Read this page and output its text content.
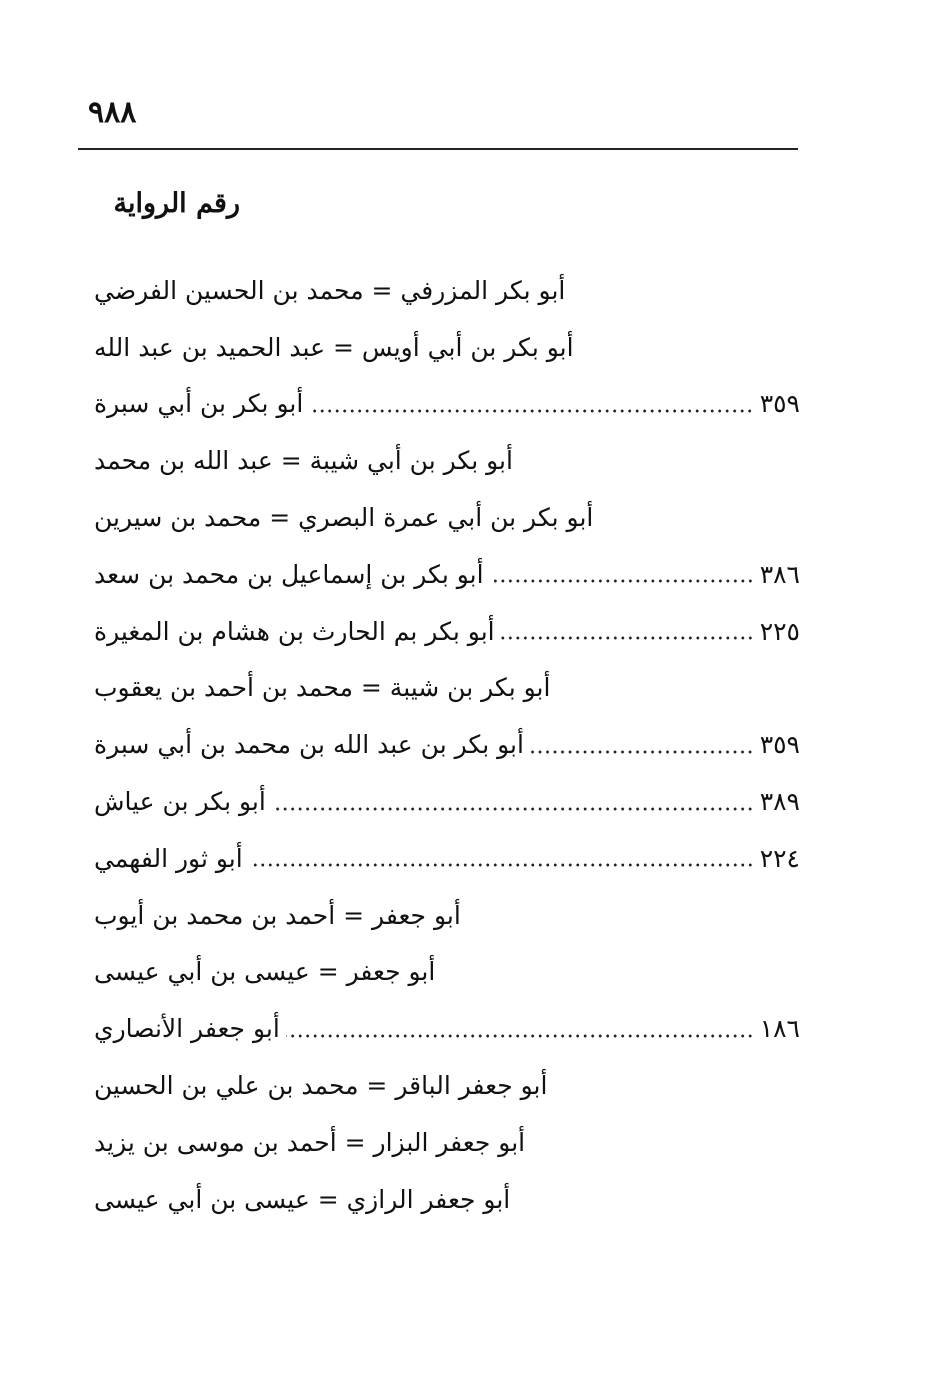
٩٨٨
رقم الرواية
أبو بكر المزرفي = محمد بن الحسين الفرضي
أبو بكر بن أبي أويس = عبد الحميد بن عبد الله
أبو بكر بن أبي سبرة	٣٥٩
أبو بكر بن أبي شيبة = عبد الله بن محمد
أبو بكر بن أبي عمرة البصري = محمد بن سيرين
أبو بكر بن إسماعيل بن محمد بن سعد	٣٨٦
أبو بكر بم الحارث بن هشام بن المغيرة	٢٢٥
أبو بكر بن شيبة = محمد بن أحمد بن يعقوب
أبو بكر بن عبد الله بن محمد بن أبي سبرة	٣٥٩
أبو بكر بن عياش	٣٨٩
أبو ثور الفهمي	٢٢٤
أبو جعفر = أحمد بن محمد بن أيوب
أبو جعفر = عيسى بن أبي عيسى
أبو جعفر الأنصاري	١٨٦
أبو جعفر الباقر = محمد بن علي بن الحسين
أبو جعفر البزار = أحمد بن موسى بن يزيد
أبو جعفر الرازي = عيسى بن أبي عيسى
